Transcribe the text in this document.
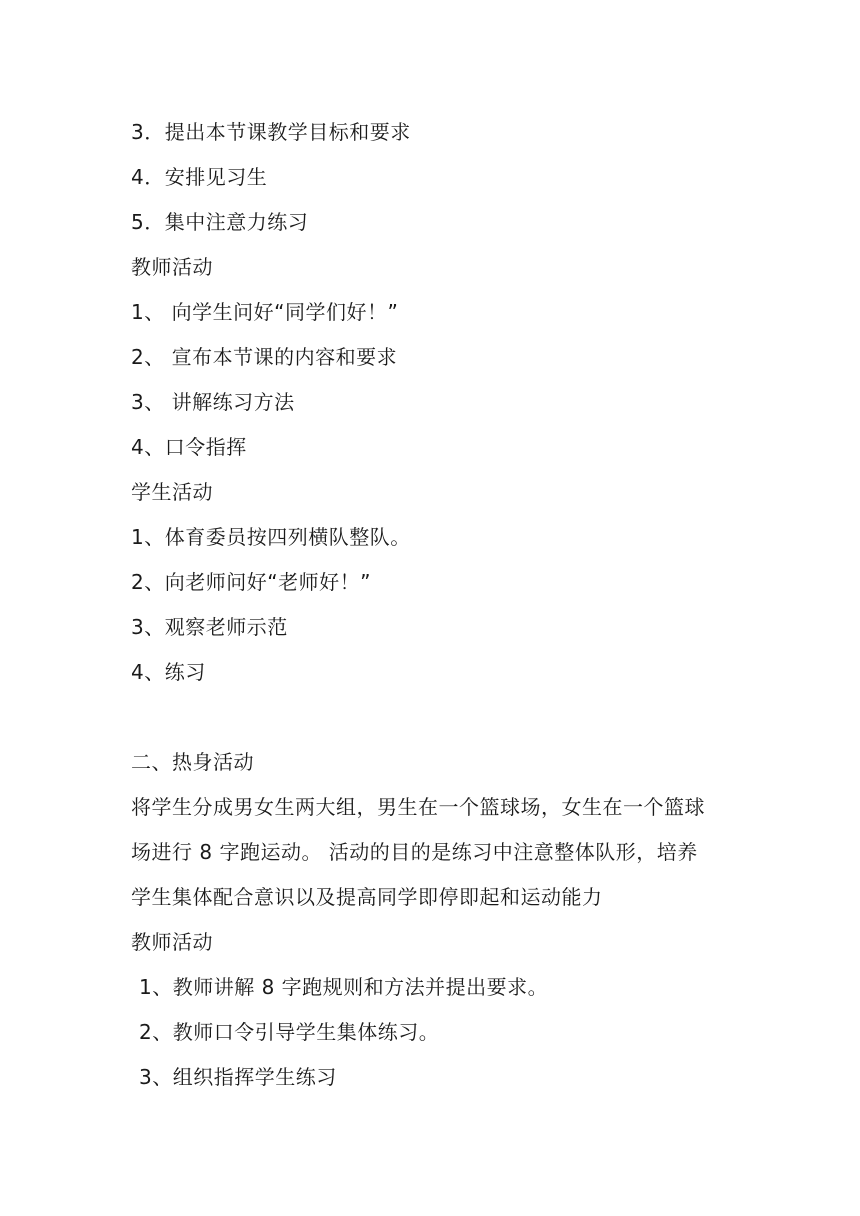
3．提出本节课教学目标和要求
4．安排见习生
5．集中注意力练习
教师活动
1、 向学生问好“同学们好！”
2、 宣布本节课的内容和要求
3、 讲解练习方法
4、口令指挥
学生活动
1、体育委员按四列横队整队。
2、向老师问好“老师好！”
3、观察老师示范
4、练习
二、热身活动
将学生分成男女生两大组，男生在一个篮球场，女生在一个篮球
场进行 8 字跑运动。 活动的目的是练习中注意整体队形，培养
学生集体配合意识以及提高同学即停即起和运动能力
教师活动
1、教师讲解 8 字跑规则和方法并提出要求。
2、教师口令引导学生集体练习。
3、组织指挥学生练习
